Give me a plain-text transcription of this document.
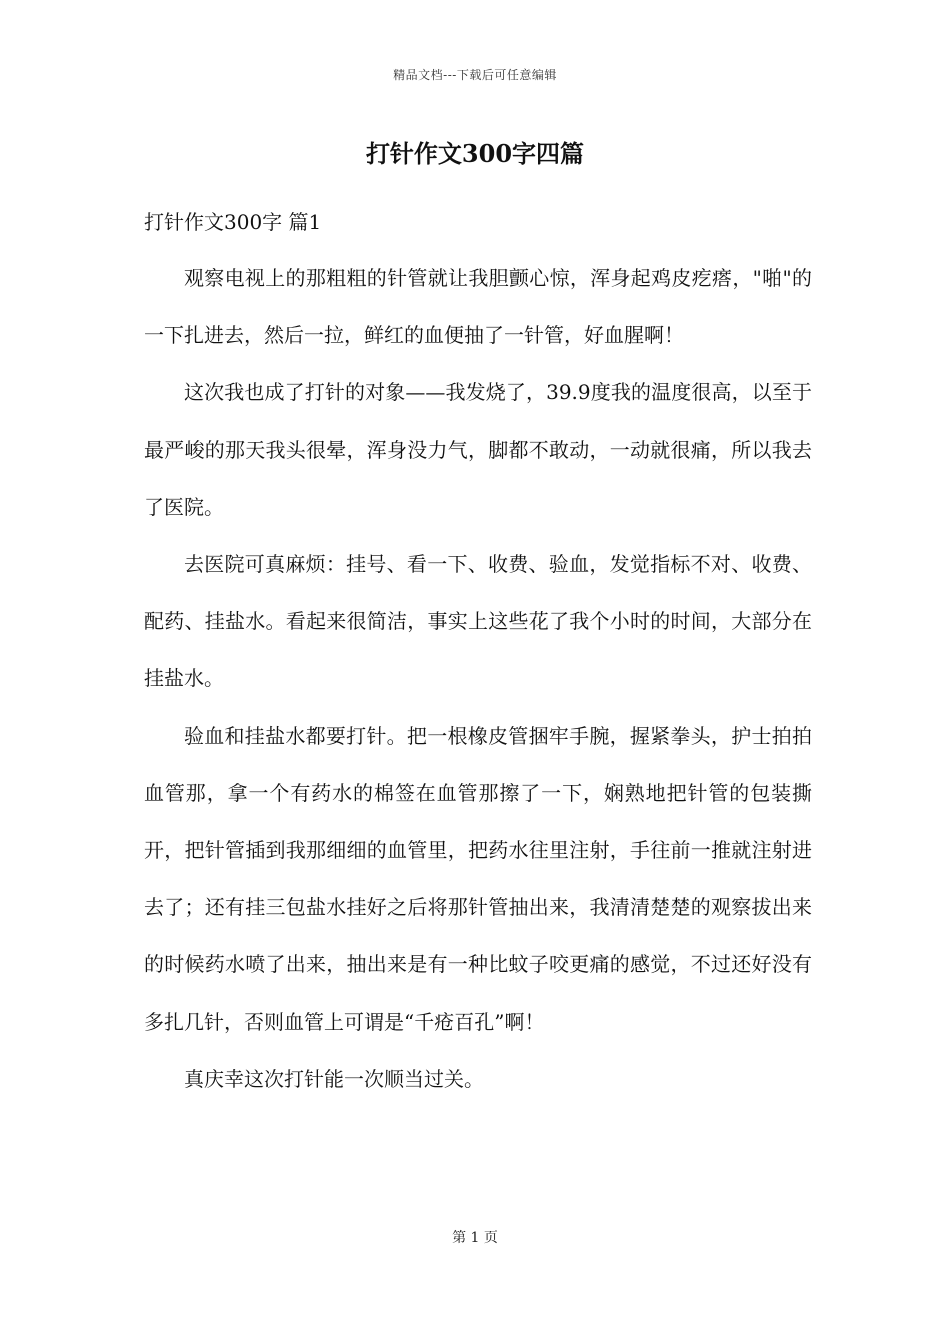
精品文档---下载后可任意编辑
打针作文300字四篇
打针作文300字 篇1

观察电视上的那粗粗的针管就让我胆颤心惊，浑身起鸡皮疙瘩，"啪"的一下扎进去，然后一拉，鲜红的血便抽了一针管，好血腥啊！

这次我也成了打针的对象——我发烧了，39.9度我的温度很高，以至于最严峻的那天我头很晕，浑身没力气，脚都不敢动，一动就很痛，所以我去了医院。

去医院可真麻烦：挂号、看一下、收费、验血，发觉指标不对、收费、配药、挂盐水。看起来很简洁，事实上这些花了我个小时的时间，大部分在挂盐水。

验血和挂盐水都要打针。把一根橡皮管捆牢手腕，握紧拳头，护士拍拍血管那，拿一个有药水的棉签在血管那擦了一下，娴熟地把针管的包装撕开，把针管插到我那细细的血管里，把药水往里注射，手往前一推就注射进去了；还有挂三包盐水挂好之后将那针管抽出来，我清清楚楚的观察拔出来的时候药水喷了出来，抽出来是有一种比蚊子咬更痛的感觉，不过还好没有多扎几针，否则血管上可谓是“千疮百孔”啊！

真庆幸这次打针能一次顺当过关。

第 1 页
